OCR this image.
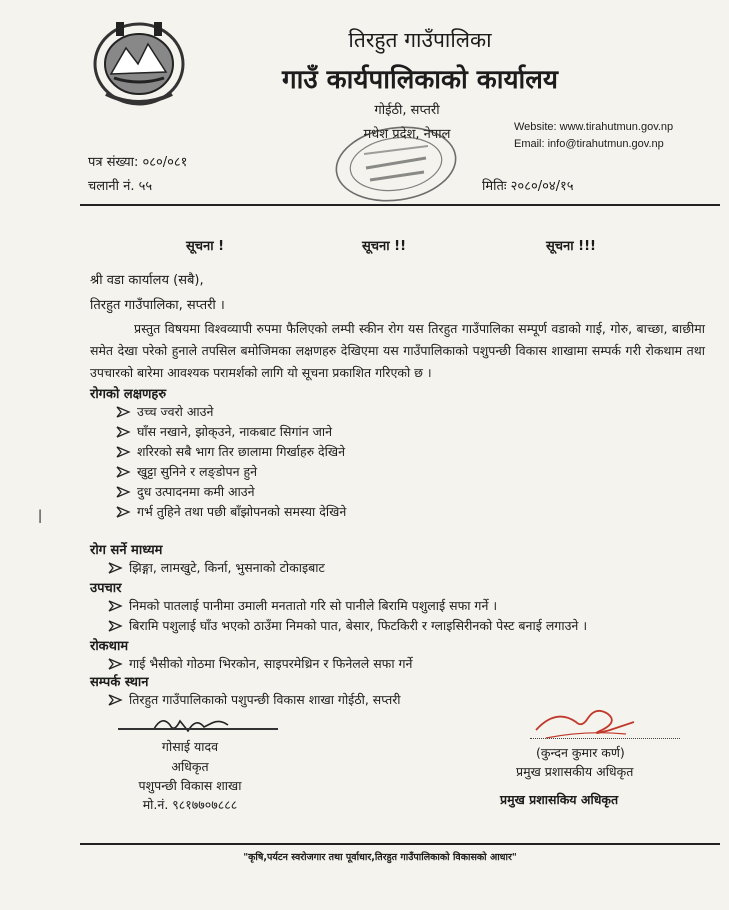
तिरहुत गाउँपालिका
गाउँ कार्यपालिकाको कार्यालय
गोईठी, सप्तरी
मधेश प्रदेश, नेपाल	Website: www.tirahutmun.gov.np
Email: info@tirahutmun.gov.np
पत्र संख्या: ०८०/०८१
चलानी नं. ५५	मितिः २०८०/०४/१५
सूचना !	सूचना !!	सूचना !!!
श्री वडा कार्यालय (सबै),
तिरहुत गाउँपालिका, सप्तरी ।
प्रस्तुत विषयमा विश्वव्यापी रुपमा फैलिएको लम्पी स्कीन रोग यस तिरहुत गाउँपालिका सम्पूर्ण वडाको गाई, गोरु, बाच्छा, बाछीमा समेत देखा परेको हुनाले तपसिल बमोजिमका लक्षणहरु देखिएमा यस गाउँपालिकाको पशुपन्छी विकास शाखामा सम्पर्क गरी रोकथाम तथा उपचारको बारेमा आवश्यक परामर्शको लागि यो सूचना प्रकाशित गरिएको छ ।
रोगको लक्षणहरु
उच्च ज्वरो आउने
घाँस नखाने, झोक्उने, नाकबाट सिगांन जाने
शरिरको सबै भाग तिर छालामा गिर्खाहरु देखिने
खुट्टा सुनिने र लङ्डोपन हुने
दुध उत्पादनमा कमी आउने
गर्भ तुहिने तथा पछी बाँझोपनको समस्या देखिने
ǀ
रोग सर्ने माध्यम
झिङ्गा, लामखुटे, किर्ना, भुसनाको टोकाइबाट
उपचार
निमको पातलाई पानीमा उमाली मनतातो गरि सो पानीले बिरामि पशुलाई सफा गर्ने ।
बिरामि पशुलाई घाँउ भएको ठाउँमा निमको पात, बेसार, फिटकिरी र ग्लाइसिरीनको पेस्ट बनाई लगाउने ।
रोकथाम
गाई भैसीको गोठमा भिरकोन, साइपरमेथ्रिन र फिनेलले सफा गर्ने
सम्पर्क स्थान
तिरहुत गाउँपालिकाको पशुपन्छी विकास शाखा गोईठी, सप्तरी
गोसाई यादव
अधिकृत
पशुपन्छी विकास शाखा
मो.नं. ९८१७७०७८८८
(कुन्दन कुमार कर्ण)
प्रमुख प्रशासकीय अधिकृत
प्रमुख प्रशासकिय अधिकृत
"कृषि,पर्यटन स्वरोजगार तथा पूर्वाधार,तिरहुत गाउँपालिकाको विकासको आधार"
